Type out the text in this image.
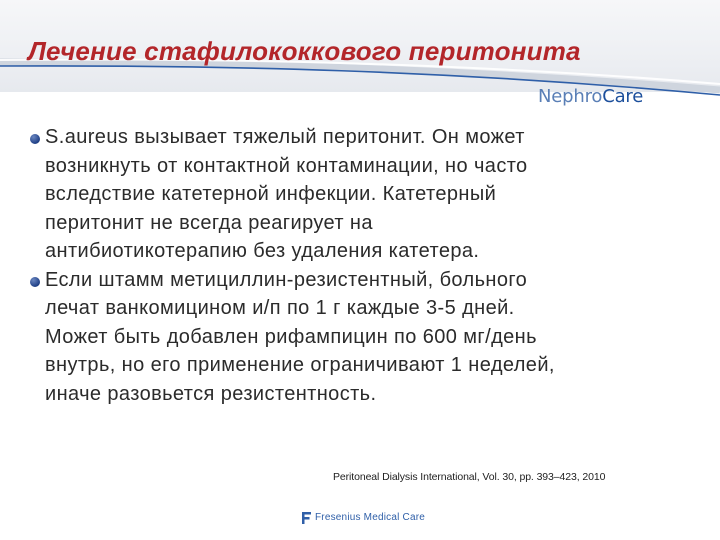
Лечение стафилококкового перитонита
NephroCare
S.aureus вызывает тяжелый перитонит. Он может
возникнуть от контактной контаминации, но часто
вследствие катетерной инфекции. Катетерный
перитонит не всегда реагирует на
антибиотикотерапию без удаления катетера.
Если штамм метициллин-резистентный, больного
лечат ванкомицином и/п по 1 г каждые 3-5 дней.
Может быть добавлен рифампицин по 600 мг/день
внутрь, но его применение ограничивают 1 неделей,
иначе разовьется резистентность.
Peritoneal Dialysis International, Vol. 30, pp. 393–423, 2010
Fresenius Medical Care
